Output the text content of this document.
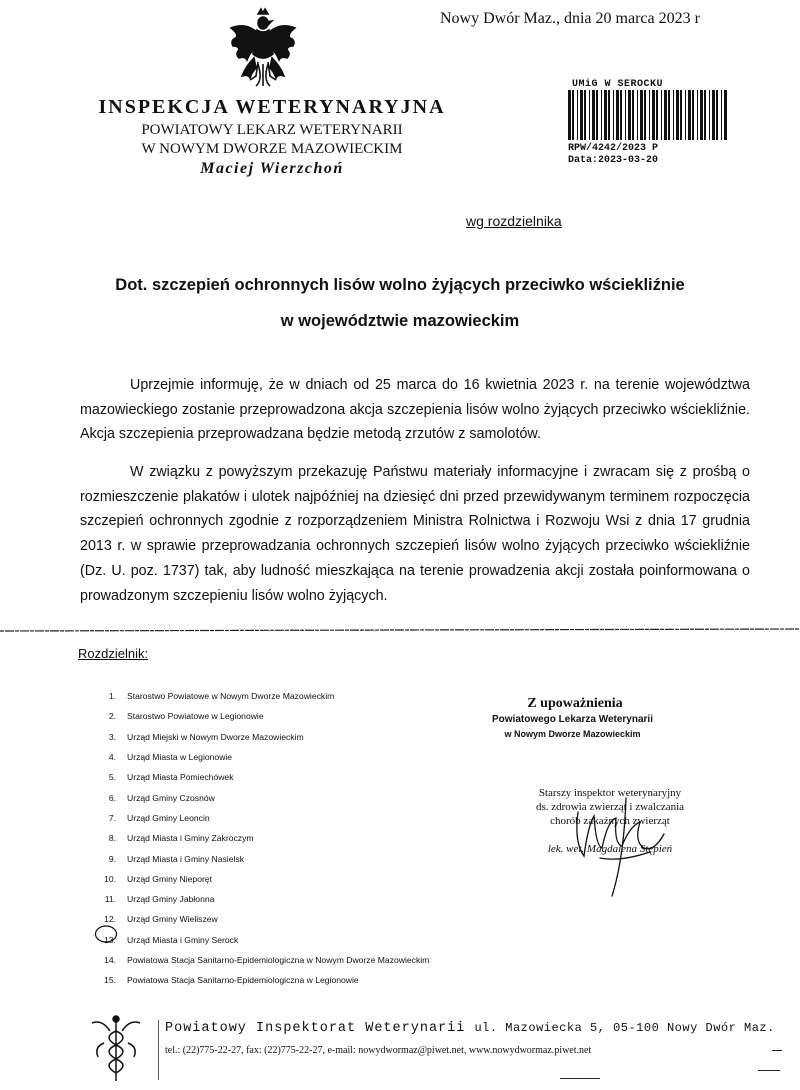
Nowy Dwór Maz., dnia 20 marca 2023 r
UMiG W SEROCKU
RPW/4242/2023 P
Data:2023-03-20
INSPEKCJA WETERYNARYJNA
POWIATOWY LEKARZ WETERYNARII
W NOWYM DWORZE MAZOWIECKIM
Maciej Wierzchoń
wg rozdzielnika
Dot. szczepień ochronnych lisów wolno żyjących przeciwko wściekliźnie
w województwie mazowieckim

Uprzejmie informuję, że w dniach od 25 marca do 16 kwietnia 2023 r. na terenie województwa mazowieckiego zostanie przeprowadzona akcja szczepienia lisów wolno żyjących przeciwko wściekliźnie. Akcja szczepienia przeprowadzana będzie metodą zrzutów z samolotów.

W związku z powyższym przekazuję Państwu materiały informacyjne i zwracam się z prośbą o rozmieszczenie plakatów i ulotek najpóźniej na dziesięć dni przed przewidywanym terminem rozpoczęcia szczepień ochronnych zgodnie z rozporządzeniem Ministra Rolnictwa i Rozwoju Wsi z dnia 17 grudnia 2013 r. w sprawie przeprowadzania ochronnych szczepień lisów wolno żyjących przeciwko wściekliźnie (Dz. U. poz. 1737) tak, aby ludność mieszkająca na terenie prowadzenia akcji została poinformowana o prowadzonym szczepieniu lisów wolno żyjących.

Rozdzielnik:
1.	Starostwo Powiatowe w Nowym Dworze Mazowieckim
2.	Starostwo Powiatowe w Legionowie
3.	Urząd Miejski w Nowym Dworze Mazowieckim
4.	Urząd Miasta w Legionowie
5.	Urząd Miasta Pomiechówek
6.	Urząd Gminy Czosnów
7.	Urząd Gminy Leoncin
8.	Urząd Miasta i Gminy Zakroczym
9.	Urząd Miasta i Gminy Nasielsk
10.	Urząd Gminy Nieporęt
11.	Urząd Gminy Jabłonna
12.	Urząd Gminy Wieliszew
13.	Urząd Miasta i Gminy Serock
14.	Powiatowa Stacja Sanitarno-Epidemiologiczna w Nowym Dworze Mazowieckim
15.	Powiatowa Stacja Sanitarno-Epidemiologiczna w Legionowie
Z upoważnienia
Powiatowego Lekarza Weterynarii
w Nowym Dworze Mazowieckim
Starszy inspektor weterynaryjny
ds. zdrowia zwierząt i zwalczania
chorób zakaźnych zwierząt
lek. wet. Magdalena Stępień
Powiatowy Inspektorat Weterynarii ul. Mazowiecka 5, 05-100 Nowy Dwór Maz.
tel.: (22)775-22-27, fax: (22)775-22-27, e-mail: nowydwormaz@piwet.net, www.nowydwormaz.piwet.net
